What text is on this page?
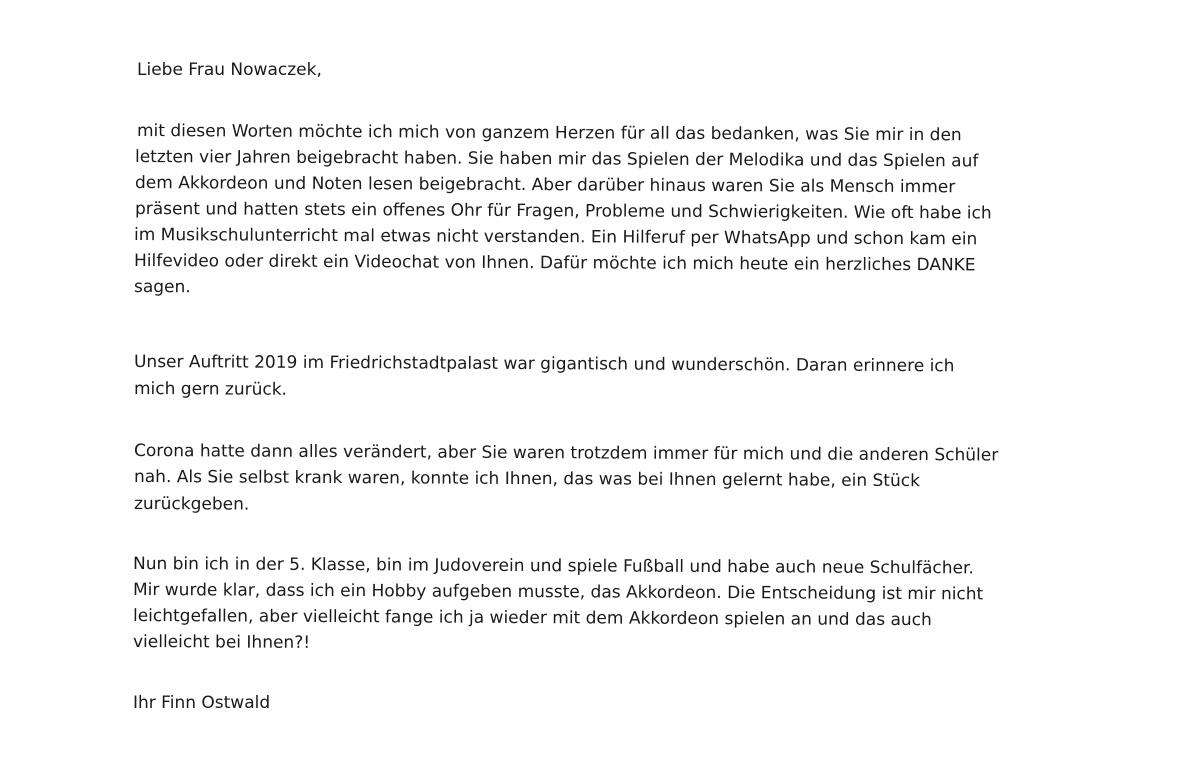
Liebe Frau Nowaczek,
mit diesen Worten möchte ich mich von ganzem Herzen für all das bedanken, was Sie mir in den
letzten vier Jahren beigebracht haben. Sie haben mir das Spielen der Melodika und das Spielen auf
dem Akkordeon und Noten lesen beigebracht. Aber darüber hinaus waren Sie als Mensch immer
präsent und hatten stets ein offenes Ohr für Fragen, Probleme und Schwierigkeiten. Wie oft habe ich
im Musikschulunterricht mal etwas nicht verstanden. Ein Hilferuf per WhatsApp und schon kam ein
Hilfevideo oder direkt ein Videochat von Ihnen. Dafür möchte ich mich heute ein herzliches DANKE
sagen.
Unser Auftritt 2019 im Friedrichstadtpalast war gigantisch und wunderschön. Daran erinnere ich
mich gern zurück.
Corona hatte dann alles verändert, aber Sie waren trotzdem immer für mich und die anderen Schüler
nah. Als Sie selbst krank waren, konnte ich Ihnen, das was bei Ihnen gelernt habe, ein Stück
zurückgeben.
Nun bin ich in der 5. Klasse, bin im Judoverein und spiele Fußball und habe auch neue Schulfächer.
Mir wurde klar, dass ich ein Hobby aufgeben musste, das Akkordeon. Die Entscheidung ist mir nicht
leichtgefallen, aber vielleicht fange ich ja wieder mit dem Akkordeon spielen an und das auch
vielleicht bei Ihnen?!
Ihr Finn Ostwald
